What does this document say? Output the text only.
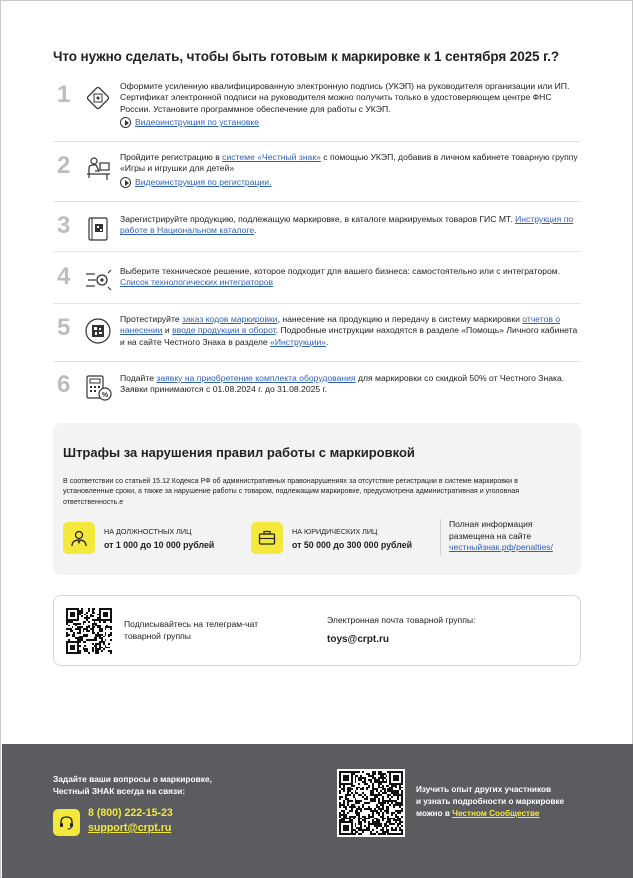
Что нужно сделать, чтобы быть готовым к маркировке к 1 сентября 2025 г.?
1	Оформите усиленную квалифицированную электронную подпись (УКЭП) на руководителя организации или ИП. Сертификат электронной подписи на руководителя можно получить только в удостоверяющем центре ФНС России. Установите программное обеспечение для работы с УКЭП.
Видеоинструкция по установке
2	Пройдите регистрацию в системе «Честный знак» с помощью УКЭП, добавив в личном кабинете товарную группу «Игры и игрушки для детей»
Видеоинструкция по регистрации.
3	Зарегистрируйте продукцию, подлежащую маркировке, в каталоге маркируемых товаров ГИС МТ. Инструкция по работе в Национальном каталоге.
4	Выберите техническое решение, которое подходит для вашего бизнеса: самостоятельно или с интегратором. Список технологических интеграторов
5	Протестируйте заказ кодов маркировки, нанесение на продукцию и передачу в систему маркировки отчетов о нанесении и вводе продукции в оборот. Подробные инструкции находятся в разделе «Помощь» Личного кабинета и на сайте Честного Знака в разделе «Инструкции».
6	%
Подайте заявку на приобретение комплекта оборудования для маркировки со скидкой 50% от Честного Знака. Заявки принимаются с 01.08.2024 г. до 31.08.2025 г.
Штрафы за нарушения правил работы с маркировкой
В соответствии со статьей 15.12 Кодекса РФ об административных правонарушениях за отсутствие регистрации в системе маркировки в установленные сроки, а также за нарушение работы с товаром, подлежащим маркировке, предусмотрена административная и уголовная ответственность.е
НА ДОЛЖНОСТНЫХ ЛИЦ
от 1 000 до 10 000 рублей
НА ЮРИДИЧЕСКИХ ЛИЦ
от 50 000 до 300 000 рублей
Полная информация
размещена на сайте
честныйзнак.рф/penalties/
Подписывайтесь на телеграм-чат
товарной группы
Электронная почта товарной группы:
toys@crpt.ru
Задайте ваши вопросы о маркировке,
Честный ЗНАК всегда на связи:
8 (800) 222-15-23
support@crpt.ru
Изучить опыт других участников
и узнать подробности о маркировке
можно в Честном Сообществе
